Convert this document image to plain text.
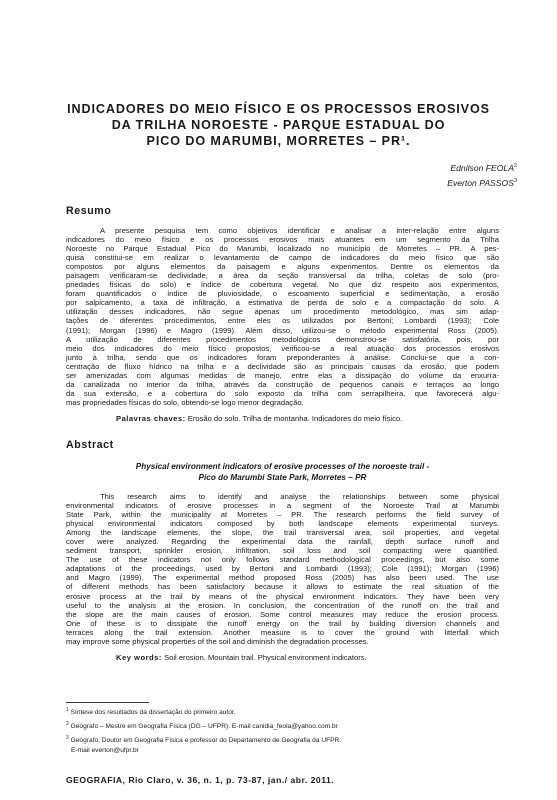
INDICADORES DO MEIO FÍSICO E OS PROCESSOS EROSIVOS
DA TRILHA NOROESTE - PARQUE ESTADUAL DO
PICO DO MARUMBI, MORRETES – PR¹.
Ednilson FEOLA$^2$
Everton PASSOS$^3$
Resumo
A presente pesquisa tem como objetivos identificar e analisar a inter-relação entre alguns
indicadores do meio físico e os processos erosivos mais atuantes em um segmento da Trilha
Noroeste no Parque Estadual Pico do Marumbi, localizado no município de Morretes – PR. A pes-
quisa constitui-se em realizar o levantamento de campo de indicadores do meio físico que são
compostos por alguns elementos da paisagem e alguns experimentos. Dentre os elementos da
paisagem verificaram-se declividade, a área da seção transversal da trilha, coletas de solo (pro-
priedades físicas do solo) e índice de cobertura vegetal. No que diz respeito aos experimentos,
foram quantificados o índice de pluviosidade, o escoamento superficial e sedimentação, a erosão
por salpicamento, a taxa de infiltração, a estimativa de perda de solo e a compactação do solo. A
utilização desses indicadores, não segue apenas um procedimento metodológico, mas sim adap-
tações de diferentes procedimentos, entre eles os utilizados por Bertoni; Lombardi (1993); Cole
(1991); Morgan (1996) e Magro (1999). Além disso, utilizou-se o método experimental Ross (2005).
A utilização de diferentes procedimentos metodológicos demonstrou-se satisfatória, pois, por
meio dos indicadores do meio físico propostos, verificou-se a real atuação dos processos erosivos
junto à trilha, sendo que os indicadores foram preponderantes à análise. Conclui-se que a con-
centração de fluxo hídrico na trilha e a declividade são as principais causas da erosão, que podem
ser amenizadas com algumas medidas de manejo, entre elas a dissipação do volume da enxurra-
da canalizada no interior da trilha, através da construção de pequenos canais e terraços ao longo
da sua extensão, e a cobertura do solo exposto da trilha com serrapilheira, que favorecerá algu-
mas propriedades físicas do solo, obtendo-se logo menor degradação.
Palavras chaves: Erosão do solo. Trilha de montanha. Indicadores do meio físico.
Abstract
Physical environment indicators of erosive processes of the noroeste trail -
Pico do Marumbi State Park, Morretes – PR
This research aims to identify and analyse the relationships between some physical
environmental indicators of erosive processes in a segment of the Noroeste Trail at Marumbi
State Park, within the municipality at Morretes – PR. The research performs the field survey of
physical environmental indicators composed by both landscape elements experimental surveys.
Among the landscape elements, the slope, the trail transversal area, soil properties, and vegetal
cover were analyzed. Regarding the experimental data the rainfall, depth surface runoff and
sediment transport, sprinkler erosion, infiltration, soil loss and soil compacting were quantified.
The use of these indicators not only follows standard methodological proceedings, but also some
adaptations of the proceedings, used by Bertoni and Lombardi (1993); Cole (1991); Morgan (1996)
and Magro (1999). The experimental method proposed Ross (2005) has also been used. The use
of different methods has been satisfactory because it allows to estimate the real situation of the
erosive process at the trail by means of the physical environment indicators. They have been very
useful to the analysis at the erosion. In conclusion, the concentration of the runoff on the trail and
the slope are the main causes of erosion. Some control measures may reduce the erosion process.
One of these is to dissipate the runoff energy on the trail by building diversion channels and
terraces along the trail extension. Another measure is to cover the ground with litterfall which
may improve some physical properties of the soil and diminish the degradation processes.
Key words: Soil erosion. Mountain trail. Physical environment indicators.
$^1$ Síntese dos resultados da dissertação do primeiro autor.
$^2$ Geógrafo – Mestre em Geografia Física (DG – UFPR). E-mail canidia_feola@yahoo.com.br
$^3$ Geógrafo, Doutor em Geografia Física e professor do Departamento de Geografia da UFPR.
E-mail everton@ufpr.br
GEOGRAFIA, Rio Claro, v. 36, n. 1, p. 73-87, jan./ abr. 2011.
